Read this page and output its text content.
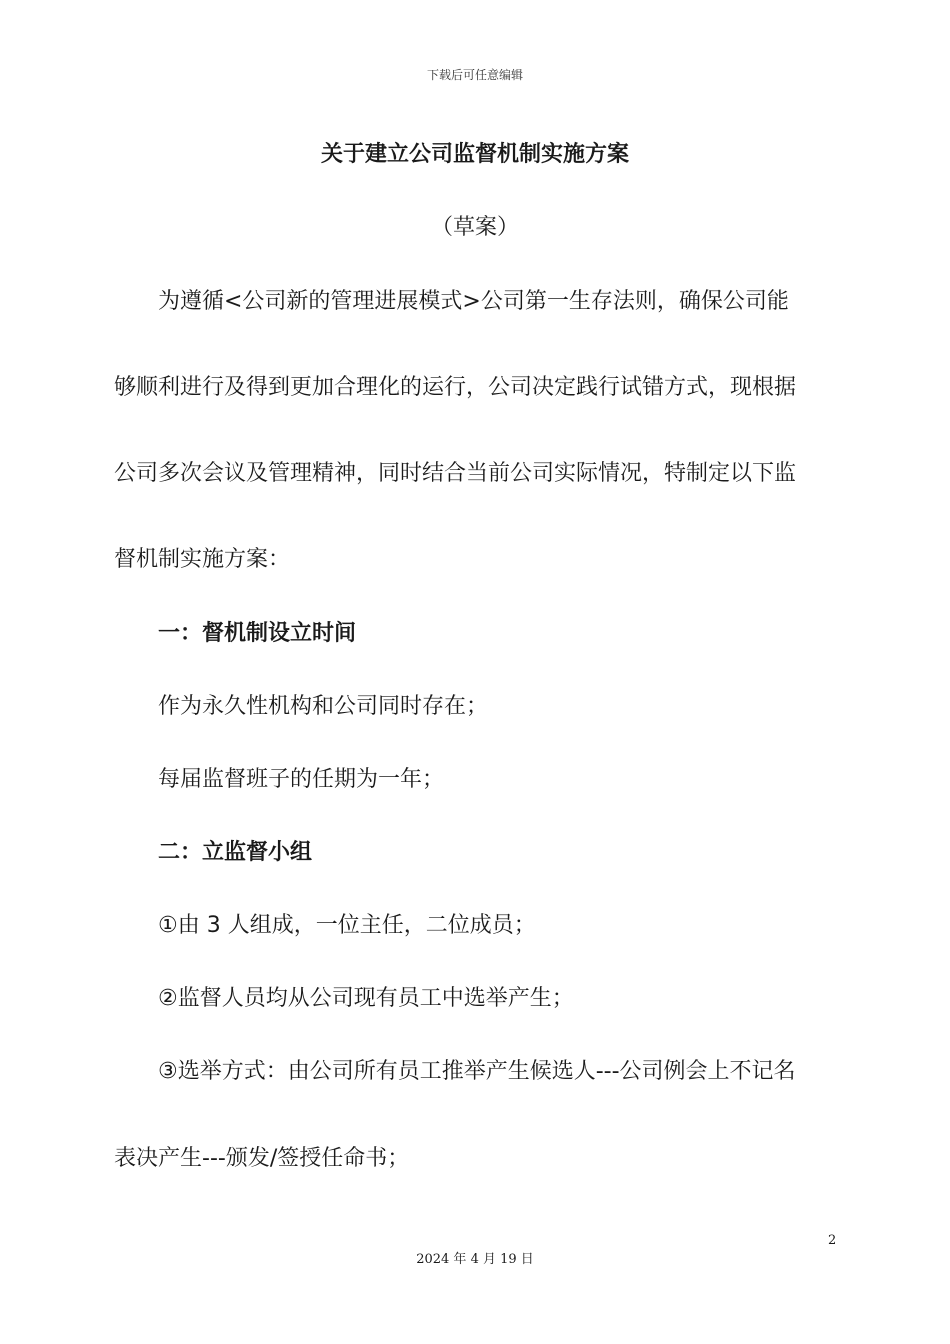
下载后可任意编辑
关于建立公司监督机制实施方案
（草案）

为遵循<公司新的管理进展模式>公司第一生存法则，确保公司能

够顺利进行及得到更加合理化的运行，公司决定践行试错方式，现根据

公司多次会议及管理精神，同时结合当前公司实际情况，特制定以下监

督机制实施方案：

一：督机制设立时间

作为永久性机构和公司同时存在；

每届监督班子的任期为一年；

二：立监督小组

①由 3 人组成，一位主任，二位成员；

②监督人员均从公司现有员工中选举产生；

③选举方式：由公司所有员工推举产生候选人---公司例会上不记名

表决产生---颁发/签授任命书；

2
2024 年 4 月 19 日
